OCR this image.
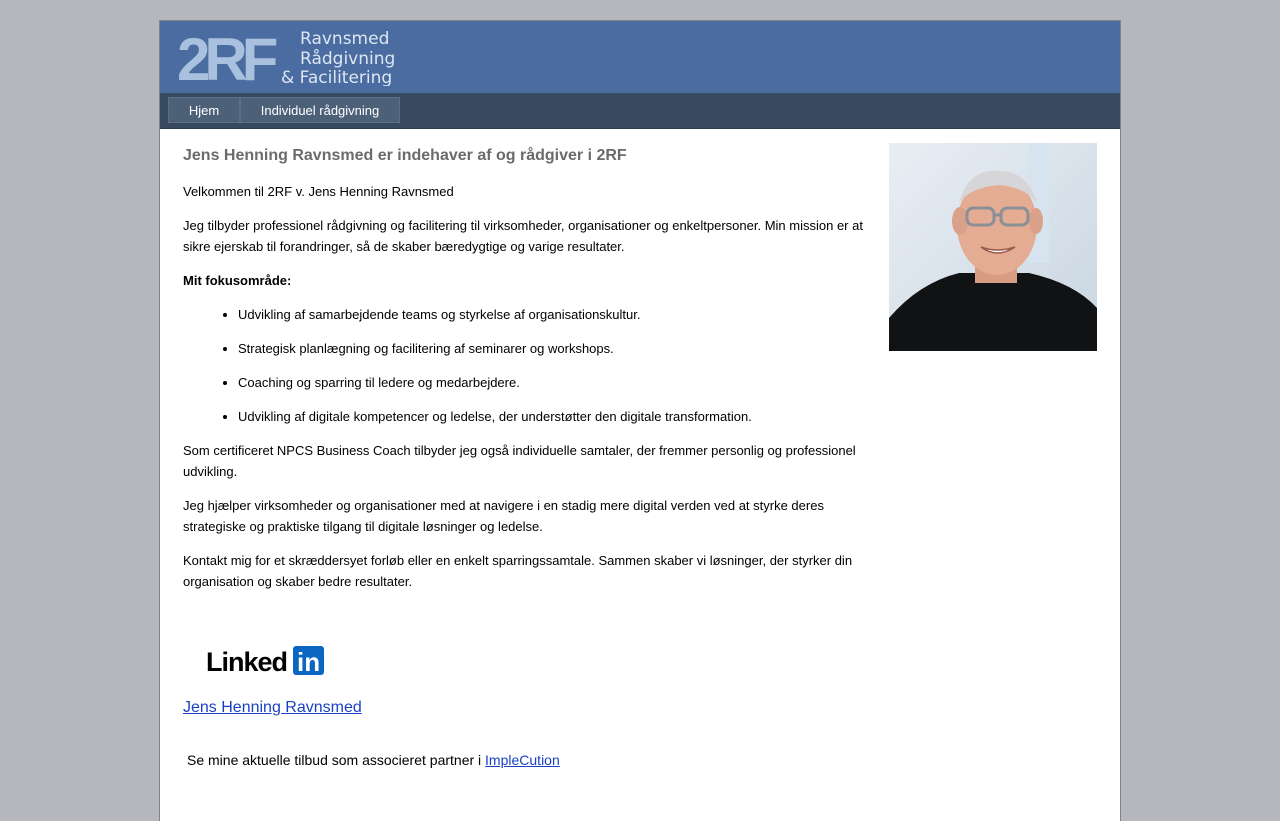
2RF Ravnsmed
Rådgivning
& Facilitering
Hjem	Individuel rådgivning
Jens Henning Ravnsmed er indehaver af og rådgiver i 2RF

Velkommen til 2RF v. Jens Henning Ravnsmed

Jeg tilbyder professionel rådgivning og facilitering til virksomheder, organisationer og enkeltpersoner. Min mission er at sikre ejerskab til forandringer, så de skaber bæredygtige og varige resultater.

Mit fokusområde:

• Udvikling af samarbejdende teams og styrkelse af organisationskultur.
• Strategisk planlægning og facilitering af seminarer og workshops.
• Coaching og sparring til ledere og medarbejdere.
• Udvikling af digitale kompetencer og ledelse, der understøtter den digitale transformation.

Som certificeret NPCS Business Coach tilbyder jeg også individuelle samtaler, der fremmer personlig og professionel udvikling.

Jeg hjælper virksomheder og organisationer med at navigere i en stadig mere digital verden ved at styrke deres strategiske og praktiske tilgang til digitale løsninger og ledelse.

Kontakt mig for et skræddersyet forløb eller en enkelt sparringssamtale. Sammen skaber vi løsninger, der styrker din organisation og skaber bedre resultater.

Linked in
Jens Henning Ravnsmed
Se mine aktuelle tilbud som associeret partner i ImpleCution
